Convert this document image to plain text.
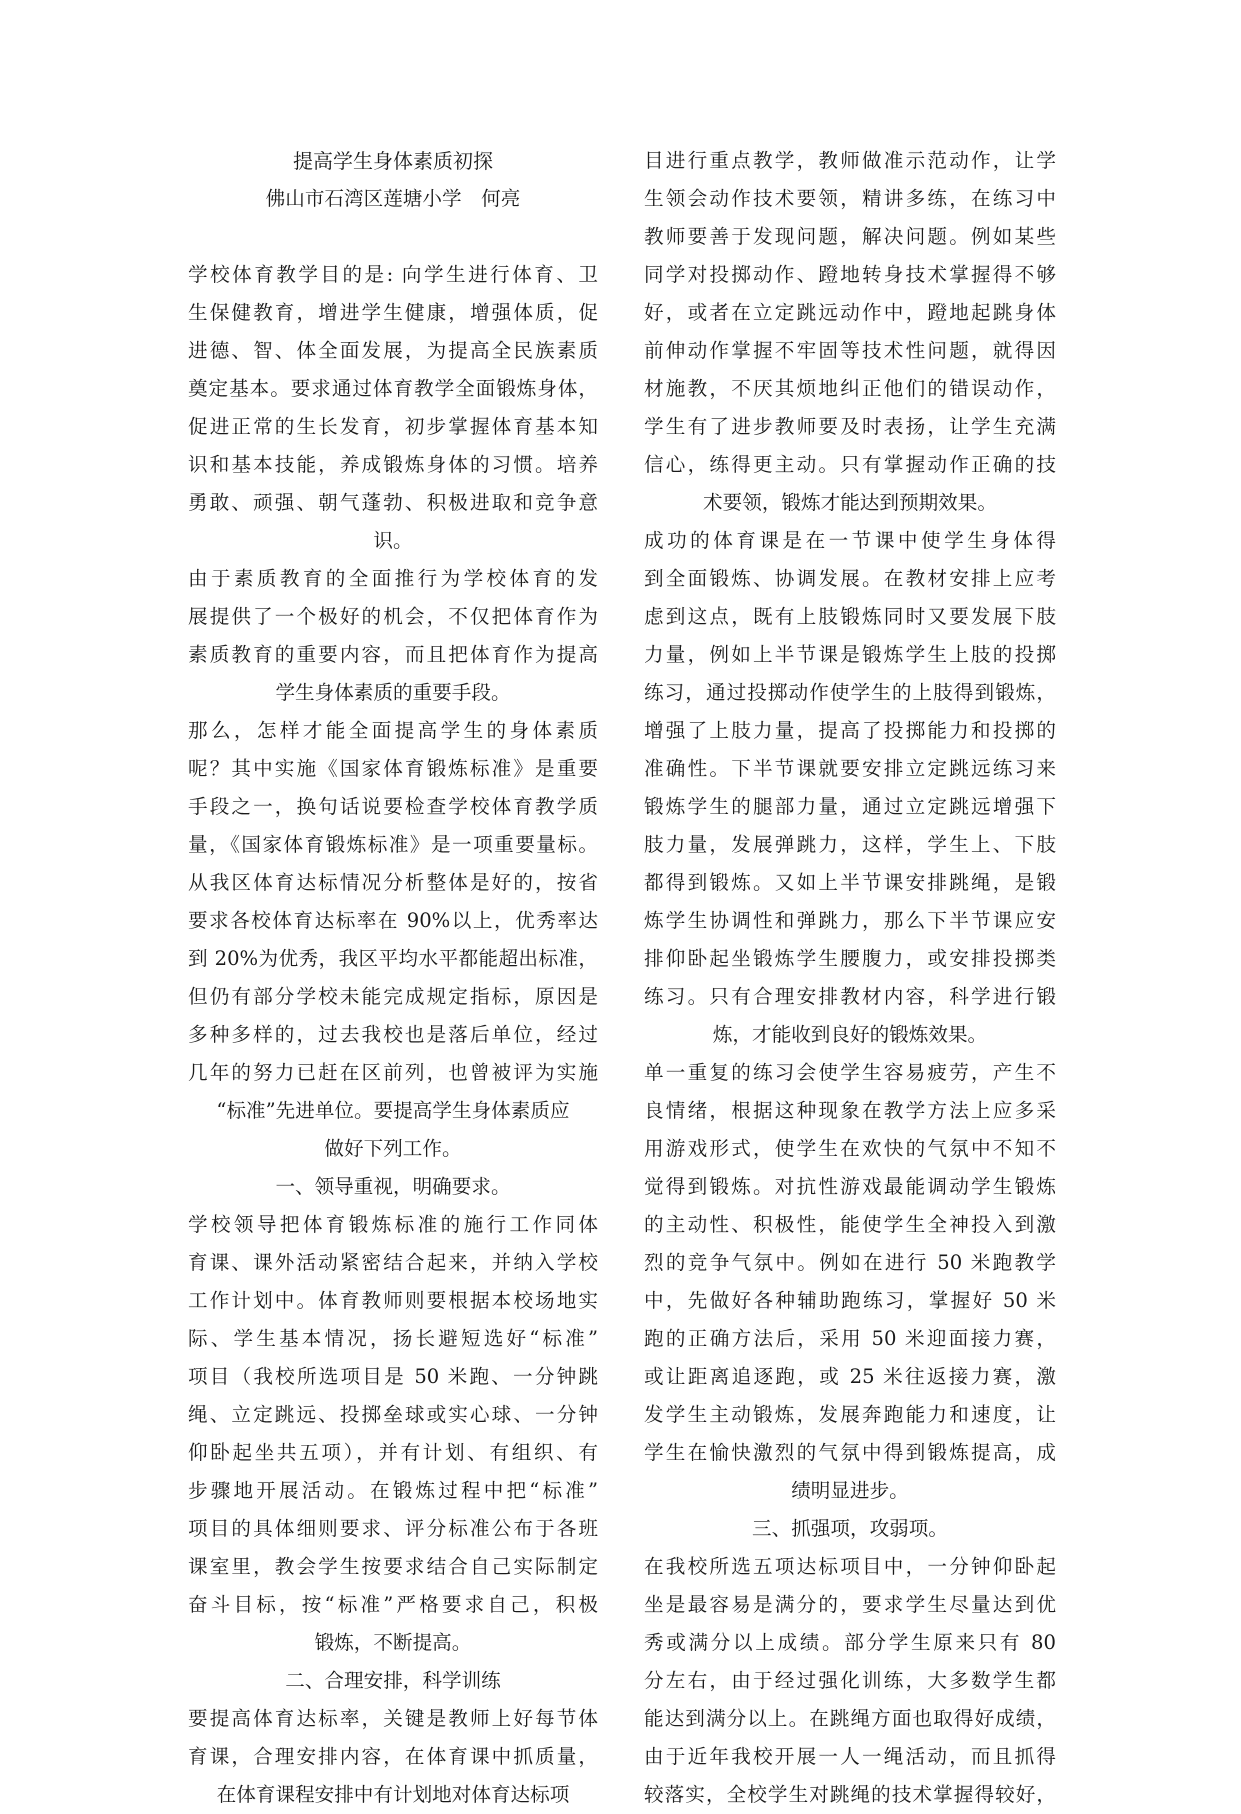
提高学生身体素质初探
佛山市石湾区莲塘小学　何亮
学校体育教学目的是: 向学生进行体育、卫
生保健教育，增进学生健康，增强体质，促
进德、智、体全面发展，为提高全民族素质
奠定基本。要求通过体育教学全面锻炼身体，
促进正常的生长发育，初步掌握体育基本知
识和基本技能，养成锻炼身体的习惯。培养
勇敢、顽强、朝气蓬勃、积极进取和竞争意
识。
由于素质教育的全面推行为学校体育的发
展提供了一个极好的机会，不仅把体育作为
素质教育的重要内容，而且把体育作为提高
学生身体素质的重要手段。
那么，怎样才能全面提高学生的身体素质
呢？其中实施《国家体育锻炼标准》是重要
手段之一，换句话说要检查学校体育教学质
量，《国家体育锻炼标准》是一项重要量标。
从我区体育达标情况分析整体是好的，按省
要求各校体育达标率在 90%以上，优秀率达
到 20%为优秀，我区平均水平都能超出标准，
但仍有部分学校未能完成规定指标，原因是
多种多样的，过去我校也是落后单位，经过
几年的努力已赶在区前列，也曾被评为实施
“标准”先进单位。要提高学生身体素质应
做好下列工作。
一、领导重视，明确要求。
学校领导把体育锻炼标准的施行工作同体
育课、课外活动紧密结合起来，并纳入学校
工作计划中。体育教师则要根据本校场地实
际、学生基本情况，扬长避短选好“标准”
项目（我校所选项目是 50 米跑、一分钟跳
绳、立定跳远、投掷垒球或实心球、一分钟
仰卧起坐共五项），并有计划、有组织、有
步骤地开展活动。在锻炼过程中把“标准”
项目的具体细则要求、评分标准公布于各班
课室里，教会学生按要求结合自己实际制定
奋斗目标，按“标准”严格要求自己，积极
锻炼，不断提高。
二、合理安排，科学训练
要提高体育达标率，关键是教师上好每节体
育课，合理安排内容，在体育课中抓质量，
在体育课程安排中有计划地对体育达标项
目进行重点教学，教师做准示范动作，让学
生领会动作技术要领，精讲多练，在练习中
教师要善于发现问题，解决问题。例如某些
同学对投掷动作、蹬地转身技术掌握得不够
好，或者在立定跳远动作中，蹬地起跳身体
前伸动作掌握不牢固等技术性问题，就得因
材施教，不厌其烦地纠正他们的错误动作，
学生有了进步教师要及时表扬，让学生充满
信心，练得更主动。只有掌握动作正确的技
术要领，锻炼才能达到预期效果。
成功的体育课是在一节课中使学生身体得
到全面锻炼、协调发展。在教材安排上应考
虑到这点，既有上肢锻炼同时又要发展下肢
力量，例如上半节课是锻炼学生上肢的投掷
练习，通过投掷动作使学生的上肢得到锻炼，
增强了上肢力量，提高了投掷能力和投掷的
准确性。下半节课就要安排立定跳远练习来
锻炼学生的腿部力量，通过立定跳远增强下
肢力量，发展弹跳力，这样，学生上、下肢
都得到锻炼。又如上半节课安排跳绳，是锻
炼学生协调性和弹跳力，那么下半节课应安
排仰卧起坐锻炼学生腰腹力，或安排投掷类
练习。只有合理安排教材内容，科学进行锻
炼，才能收到良好的锻炼效果。
单一重复的练习会使学生容易疲劳，产生不
良情绪，根据这种现象在教学方法上应多采
用游戏形式，使学生在欢快的气氛中不知不
觉得到锻炼。对抗性游戏最能调动学生锻炼
的主动性、积极性，能使学生全神投入到激
烈的竞争气氛中。例如在进行 50 米跑教学
中，先做好各种辅助跑练习，掌握好 50 米
跑的正确方法后，采用 50 米迎面接力赛，
或让距离追逐跑，或 25 米往返接力赛，激
发学生主动锻炼，发展奔跑能力和速度，让
学生在愉快激烈的气氛中得到锻炼提高，成
绩明显进步。
三、抓强项，攻弱项。
在我校所选五项达标项目中，一分钟仰卧起
坐是最容易是满分的，要求学生尽量达到优
秀或满分以上成绩。部分学生原来只有 80
分左右，由于经过强化训练，大多数学生都
能达到满分以上。在跳绳方面也取得好成绩，
由于近年我校开展一人一绳活动，而且抓得
较落实，全校学生对跳绳的技术掌握得较好，
